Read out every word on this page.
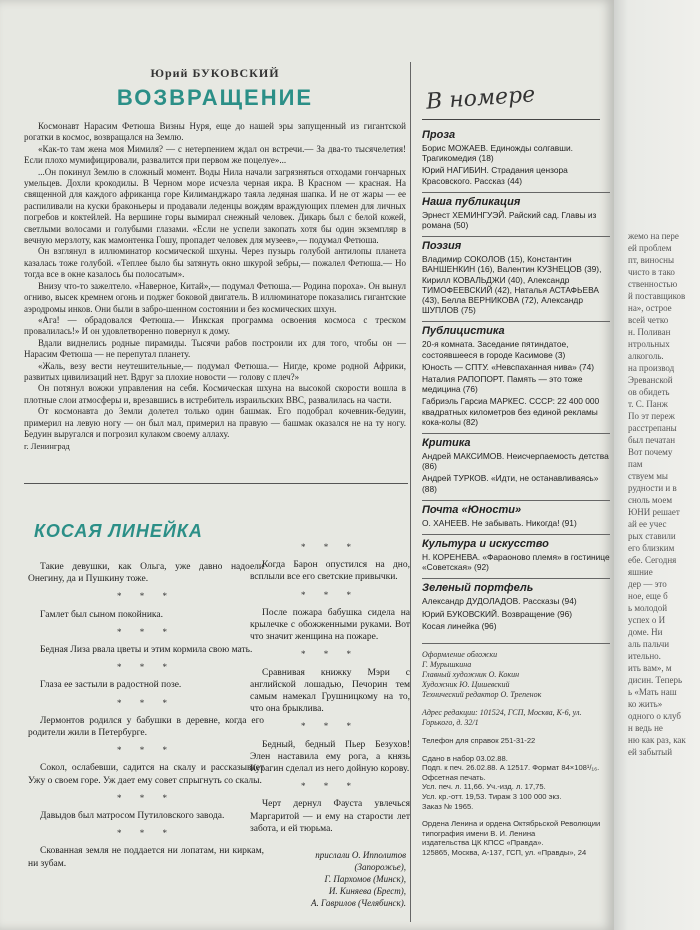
жемо на пере
ей проблем
пт, виносны
чисто в тако
ственностью
й поставщиков
на», острое
всей четко
н. Поливан
нтрольных
алкоголь.
на производ
Эреванской
ов обидеть
т. С. Панж
По эт переж
расстрепаны
был печатан
Вот почему
пам
ствуем мы
рудности и в
сноль моем
ЮНИ решает
ай ее учес
рых ставили
его близким
ебе. Сегодня
яшние
дер — это
ное, еще б
ь молодой
успех о И
доме. Ни
аль пальчи
ительно.
ить вам», м
дисин. Теперь
ь «Мать наш
ко жить»
одного о клуб
н ведь не
ню как раз, как
ей забытый
Юрий БУКОВСКИЙ
ВОЗВРАЩЕНИЕ

Космонавт Нарасим Фетюша Визны Нуря, еще до нашей эры запущенный из гигантской рогатки в космос, возвращался на Землю.

«Как-то там жена моя Мимиля? — с нетерпением ждал он встречи.— За два-то тысячелетия! Если плохо мумифицировали, развалится при первом же поцелуе»...

...Он покинул Землю в сложный момент. Воды Нила начали загрязняться отходами гончарных умельцев. Дохли крокодилы. В Черном море исчезла черная икра. В Красном — красная. На священной для каждого африканца горе Килиманджаро таяла ледяная шапка. И не от жары — ее распиливали на куски браконьеры и продавали леденцы вождям враждующих племен для личных погребов и коктейлей. На вершине горы вымирал снежный человек. Дикарь был с белой кожей, светлыми волосами и голубыми глазами. «Если не успели закопать хотя бы один экземпляр в вечную мерзлоту, как мамонтенка Гошу, пропадет человек для музеев»,— подумал Фетюша.

Он взглянул в иллюминатор космической шхуны. Через пузырь голубой антилопы планета казалась тоже голубой. «Теплее было бы затянуть окно шкурой зебры,— пожалел Фетюша.— Но тогда все в окне казалось бы полосатым».

Внизу что-то зажелтело. «Наверное, Китай»,— подумал Фетюша.— Родина пороха». Он вынул огниво, высек кремнем огонь и поджег боковой двигатель. В иллюминаторе показались гигантские аэродромы инков. Они были в забро-шенном состоянии и без космических шхун.

«Ага! — обрадовался Фетюша.— Инкская программа освоения космоса с треском провалилась!» И он удовлетворенно повернул к дому.

Вдали виднелись родные пирамиды. Тысячи рабов построили их для того, чтобы он — Нарасим Фетюша — не перепутал планету.

«Жаль, везу вести неутешительные,— подумал Фетюша.— Нигде, кроме родной Африки, развитых цивилизаций нет. Вдруг за плохие новости — голову с плеч?»

Он потянул вожжи управления на себя. Космическая шхуна на высокой скорости вошла в плотные слои атмосферы и, врезавшись в истребитель израильских ВВС, развалилась на части.

От космонавта до Земли долетел только один башмак. Его подобрал кочевник-бедуин, примерил на левую ногу — он был мал, примерил на правую — башмак оказался не на ту ногу. Бедуин выругался и погрозил кулаком своему аллаху.

г. Ленинград

КОСАЯ ЛИНЕЙКА

Такие девушки, как Ольга, уже давно надоели Онегину, да и Пушкину тоже.

* * *

Гамлет был сыном покойника.

* * *

Бедная Лиза рвала цветы и этим кормила свою мать.

* * *

Глаза ее застыли в радостной позе.

* * *

Лермонтов родился у бабушки в деревне, когда его родители жили в Петербурге.

* * *

Сокол, ослабевши, садится на скалу и рассказывает Ужу о своем горе. Уж дает ему совет спрыгнуть со скалы.

* * *

Давыдов был матросом Путиловского завода.

* * *

Скованная земля не поддается ни лопатам, ни киркам, ни зубам.

* * *

Когда Барон опустился на дно, всплыли все его светские привычки.

* * *

После пожара бабушка сидела на крылечке с обожженными руками. Вот что значит женщина на пожаре.

* * *

Сравнивая книжку Мэри с английской лошадью, Печорин тем самым намекал Грушницкому на то, что она брыклива.

* * *

Бедный, бедный Пьер Безухов! Элен наставила ему рога, а князь Курагин сделал из него дойную корову.

* * *

Черт дернул Фауста увлечься Маргаритой — и ему на старости лет забота, и ей тюрьма.

прислали О. Ипполитов
(Запорожье),
Г. Пархомов (Минск),
И. Киняева (Брест),
А. Гаврилов (Челябинск).
В номере
Проза
Борис МОЖАЕВ. Единожды солгавши. Трагикомедия (18)
Юрий НАГИБИН. Страдания цензора Красовского. Рассказ (44)
Наша публикация
Эрнест ХЕМИНГУЭЙ. Райский сад. Главы из романа (50)
Поэзия
Владимир СОКОЛОВ (15), Константин ВАНШЕНКИН (16), Валентин КУЗНЕЦОВ (39), Кирилл КОВАЛЬДЖИ (40), Александр ТИМОФЕЕВСКИЙ (42), Наталья АСТАФЬЕВА (43), Белла ВЕРНИКОВА (72), Александр ШУПЛОВ (75)
Публицистика
20-я комната. Заседание пятиндатое, состоявшееся в городе Касимове (3)
Юность — СПТУ. «Невспаханная нива» (74)
Наталия РАПОПОРТ. Память — это тоже медицина (76)
Габриэль Гарсиа МАРКЕС. СССР: 22 400 000 квадратных километров без единой рекламы кока-колы (82)
Критика
Андрей МАКСИМОВ. Неисчерпаемость детства (86)
Андрей ТУРКОВ. «Идти, не останавливаясь» (88)
Почта «Юности»
О. ХАНЕЕВ. Не забывать. Никогда! (91)
Культура и искусство
Н. КОРЕНЕВА. «Фараоново племя» в гостинице «Советская» (92)
Зеленый портфель
Александр ДУДОЛАДОВ. Рассказы (94)
Юрий БУКОВСКИЙ. Возвращение (96)
Косая линейка (96)
Оформление обложки
Г. Мурышкина
Главный художник О. Кокин
Художник Ю. Цишевский
Технический редактор О. Трепенок
Адрес редакции: 101524, ГСП, Москва, К-6, ул. Горького, д. 32/1
Телефон для справок 251-31-22
Сдано в набор 03.02.88.
Подп. к печ. 26.02.88. А 12517. Формат 84×108¹/₁₆.
Офсетная печать.
Усл. печ. л. 11,66. Уч.-изд. л. 17,75.
Усл. кр.-отт. 19,53. Тираж 3 100 000 экз.
Заказ № 1965.
Ордена Ленина и ордена Октябрьской Революции
типография имени В. И. Ленина
издательства ЦК КПСС «Правда».
125865, Москва, А-137, ГСП, ул. «Правды», 24
